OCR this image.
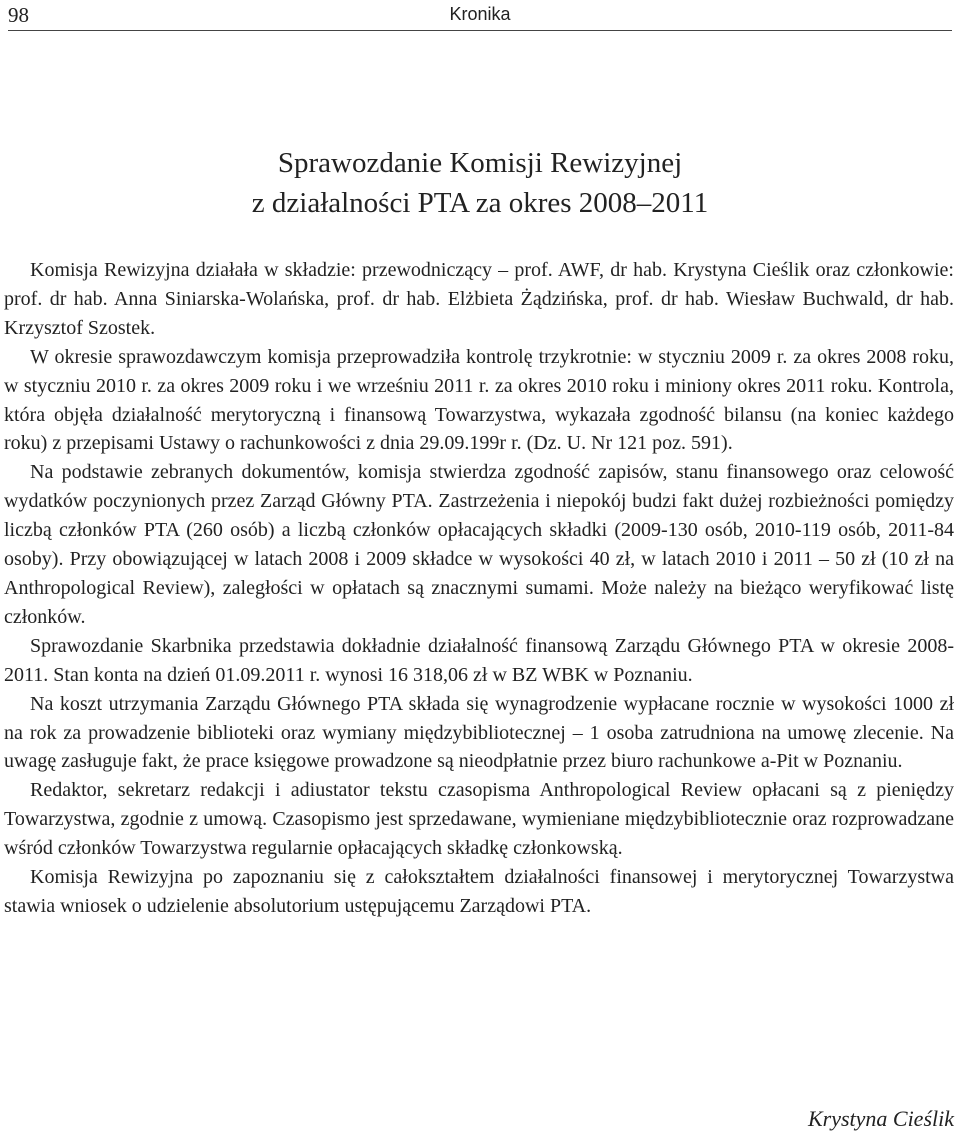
98	Kronika
Sprawozdanie Komisji Rewizyjnej
z działalności PTA za okres 2008–2011

Komisja Rewizyjna działała w składzie: przewodniczący – prof. AWF, dr hab. Krystyna Cieślik oraz członkowie: prof. dr hab. Anna Siniarska-Wolańska, prof. dr hab. Elżbieta Żądzińska, prof. dr hab. Wiesław Buchwald, dr hab. Krzysztof Szostek.

W okresie sprawozdawczym komisja przeprowadziła kontrolę trzykrotnie: w styczniu 2009 r. za okres 2008 roku, w styczniu 2010 r. za okres 2009 roku i we wrześniu 2011 r. za okres 2010 roku i miniony okres 2011 roku. Kontrola, która objęła działalność merytoryczną i finansową Towarzystwa, wykazała zgodność bilansu (na koniec każdego roku) z przepisami Ustawy o rachunkowości z dnia 29.09.199r r. (Dz. U. Nr 121 poz. 591).

Na podstawie zebranych dokumentów, komisja stwierdza zgodność zapisów, stanu finansowego oraz celowość wydatków poczynionych przez Zarząd Główny PTA. Zastrzeżenia i niepokój budzi fakt dużej rozbieżności pomiędzy liczbą członków PTA (260 osób) a liczbą członków opłacających składki (2009-130 osób, 2010-119 osób, 2011-84 osoby). Przy obowiązującej w latach 2008 i 2009 składce w wysokości 40 zł, w latach 2010 i 2011 – 50 zł (10 zł na Anthropological Review), zaległości w opłatach są znacznymi sumami. Może należy na bieżąco weryfikować listę członków.

Sprawozdanie Skarbnika przedstawia dokładnie działalność finansową Zarządu Głównego PTA w okresie 2008-2011. Stan konta na dzień 01.09.2011 r. wynosi 16 318,06 zł w BZ WBK w Poznaniu.

Na koszt utrzymania Zarządu Głównego PTA składa się wynagrodzenie wypłacane rocznie w wysokości 1000 zł na rok za prowadzenie biblioteki oraz wymiany międzybibliotecznej – 1 osoba zatrudniona na umowę zlecenie. Na uwagę zasługuje fakt, że prace księgowe prowadzone są nieodpłatnie przez biuro rachunkowe a-Pit w Poznaniu.

Redaktor, sekretarz redakcji i adiustator tekstu czasopisma Anthropological Review opłacani są z pieniędzy Towarzystwa, zgodnie z umową. Czasopismo jest sprzedawane, wymieniane międzybibliotecznie oraz rozprowadzane wśród członków Towarzystwa regularnie opłacających składkę członkowską.

Komisja Rewizyjna po zapoznaniu się z całokształtem działalności finansowej i merytorycznej Towarzystwa stawia wniosek o udzielenie absolutorium ustępującemu Zarządowi PTA.

Krystyna Cieślik
